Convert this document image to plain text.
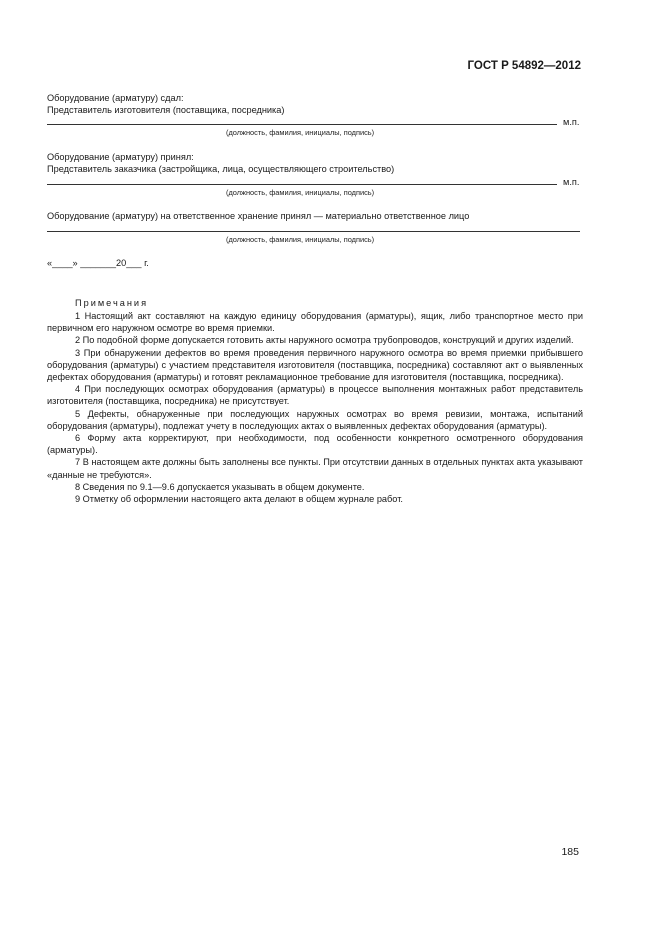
ГОСТ Р 54892—2012
Оборудование (арматуру) сдал:
Представитель изготовителя (поставщика, посредника)
м.п.
(должность, фамилия, инициалы, подпись)
Оборудование (арматуру) принял:
Представитель заказчика (застройщика, лица, осуществляющего строительство)
м.п.
(должность, фамилия, инициалы, подпись)
Оборудование (арматуру) на ответственное хранение принял — материально ответственное лицо
(должность, фамилия, инициалы, подпись)
«____» _______20___ г.
Примечания

1 Настоящий акт составляют на каждую единицу оборудования (арматуры), ящик, либо транспортное место при первичном его наружном осмотре во время приемки.

2 По подобной форме допускается готовить акты наружного осмотра трубопроводов, конструкций и других изделий.

3 При обнаружении дефектов во время проведения первичного наружного осмотра во время приемки прибывшего оборудования (арматуры) с участием представителя изготовителя (поставщика, посредника) составляют акт о выявленных дефектах оборудования (арматуры) и готовят рекламационное требование для изготовителя (поставщика, посредника).

4 При последующих осмотрах оборудования (арматуры) в процессе выполнения монтажных работ представитель изготовителя (поставщика, посредника) не присутствует.

5 Дефекты, обнаруженные при последующих наружных осмотрах во время ревизии, монтажа, испытаний оборудования (арматуры), подлежат учету в последующих актах о выявленных дефектах оборудования (арматуры).

6 Форму акта корректируют, при необходимости, под особенности конкретного осмотренного оборудования (арматуры).

7 В настоящем акте должны быть заполнены все пункты. При отсутствии данных в отдельных пунктах акта указывают «данные не требуются».

8 Сведения по 9.1—9.6 допускается указывать в общем документе.

9 Отметку об оформлении настоящего акта делают в общем журнале работ.

185
